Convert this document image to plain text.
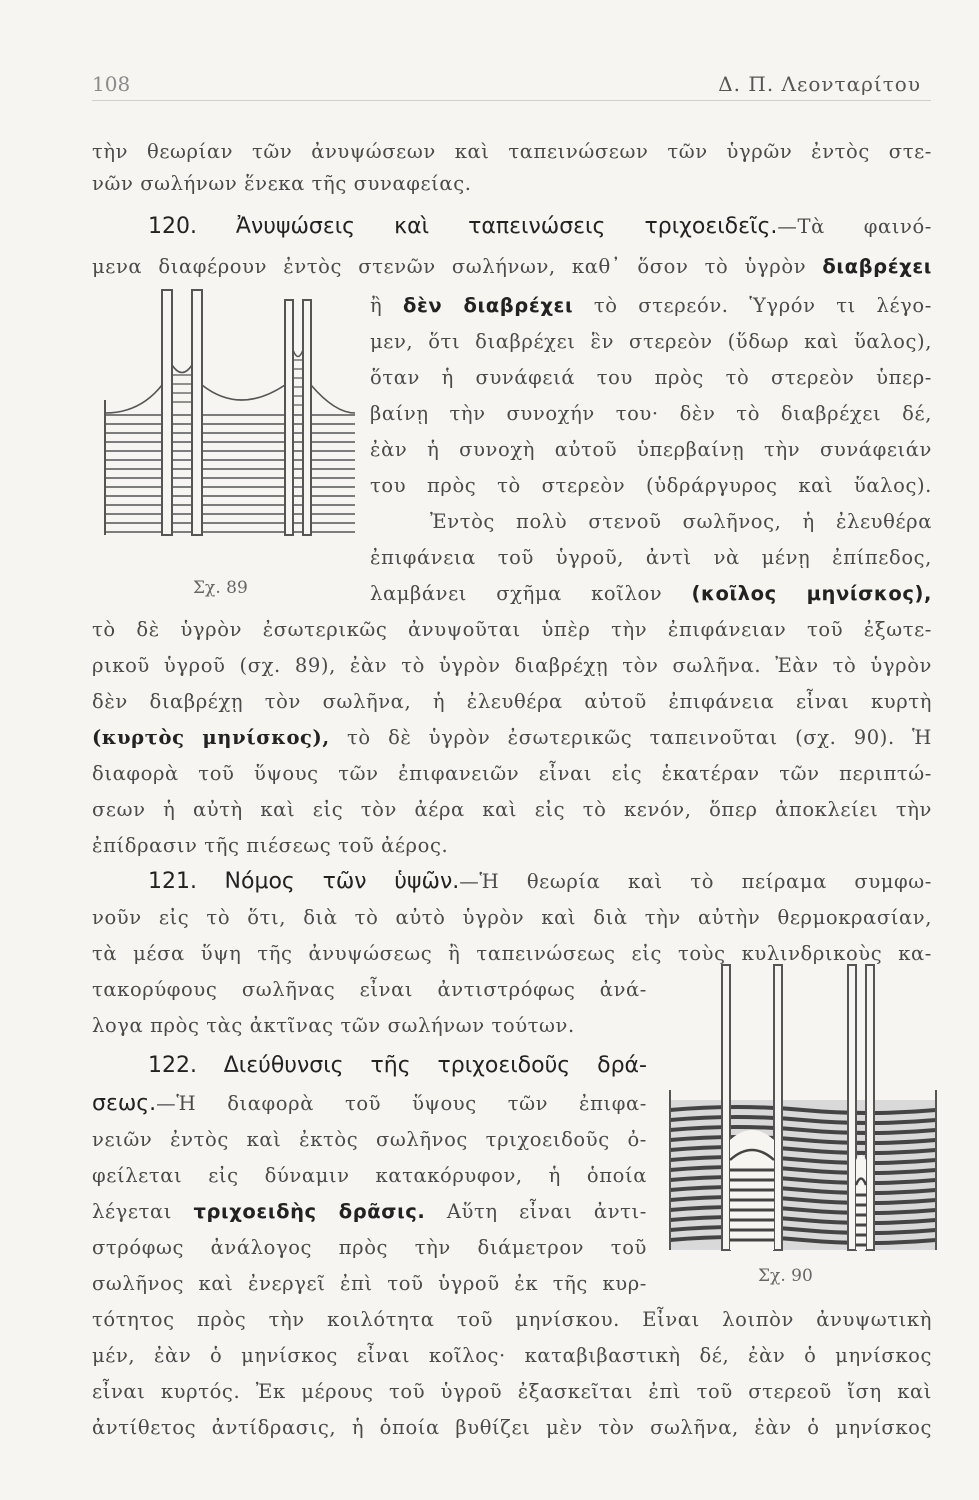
108	Δ. Π. Λεονταρίτου
τὴν θεωρίαν τῶν ἀνυψώσεων καὶ ταπεινώσεων τῶν ὑγρῶν ἐντὸς στε-
νῶν σωλήνων ἕνεκα τῆς συναφείας.
120. Ἀνυψώσεις καὶ ταπεινώσεις τριχοειδεῖς.—Τὰ φαινό-
μενα διαφέρουν ἐντὸς στενῶν σωλήνων, καθ᾿ ὅσον τὸ ὑγρὸν διαβρέχει
Σχ. 89
ἢ δὲν διαβρέχει τὸ στερεόν. Ὑγρόν τι λέγο-
μεν, ὅτι διαβρέχει ἓν στερεὸν (ὕδωρ καὶ ὕαλος),
ὅταν ἡ συνάφειά του πρὸς τὸ στερεὸν ὑπερ-
βαίνῃ τὴν συνοχήν του· δὲν τὸ διαβρέχει δέ,
ἐὰν ἡ συνοχὴ αὐτοῦ ὑπερβαίνῃ τὴν συνάφειάν
του πρὸς τὸ στερεὸν (ὑδράργυρος καὶ ὕαλος).
Ἐντὸς πολὺ στενοῦ σωλῆνος, ἡ ἐλευθέρα
ἐπιφάνεια τοῦ ὑγροῦ, ἀντὶ νὰ μένῃ ἐπίπεδος,
λαμβάνει σχῆμα κοῖλον (κοῖλος μηνίσκος),
τὸ δὲ ὑγρὸν ἐσωτερικῶς ἀνυψοῦται ὑπὲρ τὴν ἐπιφάνειαν τοῦ ἐξωτε-
ρικοῦ ὑγροῦ (σχ. 89), ἐὰν τὸ ὑγρὸν διαβρέχῃ τὸν σωλῆνα. Ἐὰν τὸ ὑγρὸν
δὲν διαβρέχῃ τὸν σωλῆνα, ἡ ἐλευθέρα αὐτοῦ ἐπιφάνεια εἶναι κυρτὴ
(κυρτὸς μηνίσκος), τὸ δὲ ὑγρὸν ἐσωτερικῶς ταπεινοῦται (σχ. 90). Ἡ
διαφορὰ τοῦ ὕψους τῶν ἐπιφανειῶν εἶναι εἰς ἑκατέραν τῶν περιπτώ-
σεων ἡ αὐτὴ καὶ εἰς τὸν ἀέρα καὶ εἰς τὸ κενόν, ὅπερ ἀποκλείει τὴν
ἐπίδρασιν τῆς πιέσεως τοῦ ἀέρος.
121. Νόμος τῶν ὑψῶν.—Ἡ θεωρία καὶ τὸ πείραμα συμφω-
νοῦν εἰς τὸ ὅτι, διὰ τὸ αὐτὸ ὑγρὸν καὶ διὰ τὴν αὐτὴν θερμοκρασίαν,
τὰ μέσα ὕψη τῆς ἀνυψώσεως ἢ ταπεινώσεως εἰς τοὺς κυλινδρικοὺς κα-
Σχ. 90
τακορύφους σωλῆνας εἶναι ἀντιστρόφως ἀνά-
λογα πρὸς τὰς ἀκτῖνας τῶν σωλήνων τούτων.
122. Διεύθυνσις τῆς τριχοειδοῦς δρά-
σεως.—Ἡ διαφορὰ τοῦ ὕψους τῶν ἐπιφα-
νειῶν ἐντὸς καὶ ἐκτὸς σωλῆνος τριχοειδοῦς ὀ-
φείλεται εἰς δύναμιν κατακόρυφον, ἡ ὁποία
λέγεται τριχοειδὴς δρᾶσις. Αὕτη εἶναι ἀντι-
στρόφως ἀνάλογος πρὸς τὴν διάμετρον τοῦ
σωλῆνος καὶ ἐνεργεῖ ἐπὶ τοῦ ὑγροῦ ἐκ τῆς κυρ-
τότητος πρὸς τὴν κοιλότητα τοῦ μηνίσκου. Εἶναι λοιπὸν ἀνυψωτικὴ
μέν, ἐὰν ὁ μηνίσκος εἶναι κοῖλος· καταβιβαστικὴ δέ, ἐὰν ὁ μηνίσκος
εἶναι κυρτός. Ἐκ μέρους τοῦ ὑγροῦ ἐξασκεῖται ἐπὶ τοῦ στερεοῦ ἴση καὶ
ἀντίθετος ἀντίδρασις, ἡ ὁποία βυθίζει μὲν τὸν σωλῆνα, ἐὰν ὁ μηνίσκος
